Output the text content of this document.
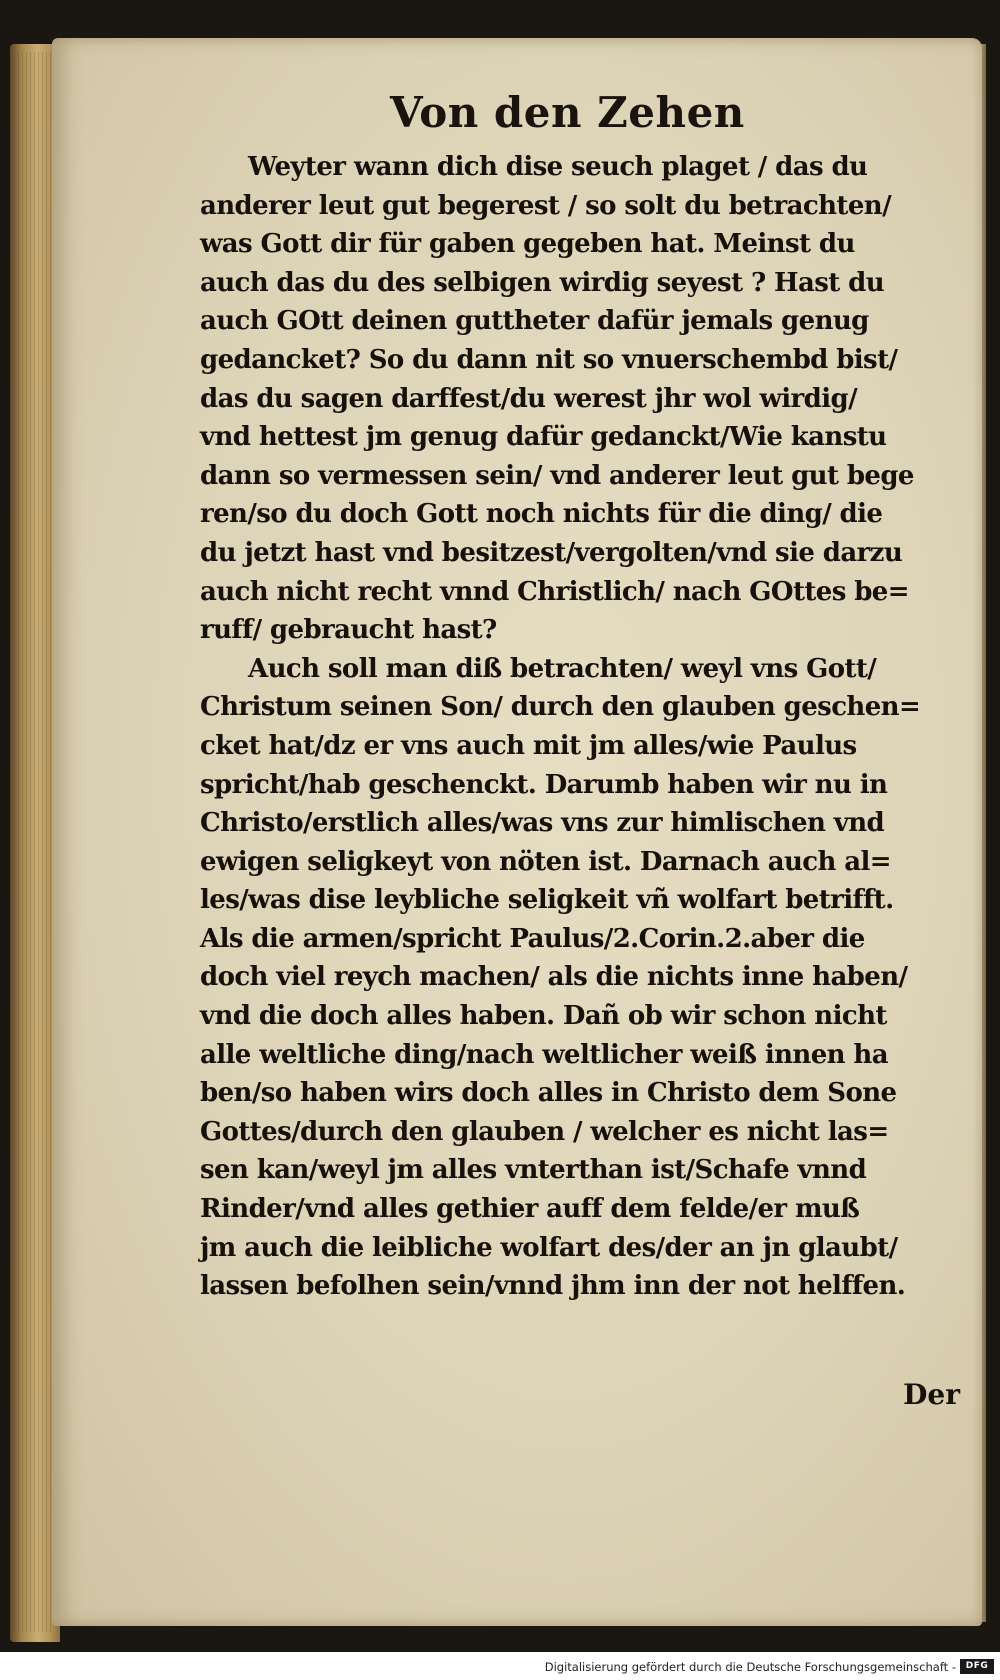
Von den Zehen
Weyter wann dich dise seuch plaget / das du
anderer leut gut begerest / so solt du betrachten/
was Gott dir für gaben gegeben hat. Meinst du
auch das du des selbigen wirdig seyest ? Hast du
auch GOtt deinen guttheter dafür jemals genug
gedancket? So du dann nit so vnuerschembd bist/
das du sagen darffest/du werest jhr wol wirdig/
vnd hettest jm genug dafür gedanckt/Wie kanstu
dann so vermessen sein/ vnd anderer leut gut bege
ren/so du doch Gott noch nichts für die ding/ die
du jetzt hast vnd besitzest/vergolten/vnd sie darzu
auch nicht recht vnnd Christlich/ nach GOttes be=
ruff/ gebraucht hast?
Auch soll man diß betrachten/ weyl vns Gott/
Christum seinen Son/ durch den glauben geschen=
cket hat/dz er vns auch mit jm alles/wie Paulus
spricht/hab geschenckt. Darumb haben wir nu in
Christo/erstlich alles/was vns zur himlischen vnd
ewigen seligkeyt von nöten ist. Darnach auch al=
les/was dise leybliche seligkeit vñ wolfart betrifft.
Als die armen/spricht Paulus/2.Corin.2.aber die
doch viel reych machen/ als die nichts inne haben/
vnd die doch alles haben. Dañ ob wir schon nicht
alle weltliche ding/nach weltlicher weiß innen ha
ben/so haben wirs doch alles in Christo dem Sone
Gottes/durch den glauben / welcher es nicht las=
sen kan/weyl jm alles vnterthan ist/Schafe vnnd
Rinder/vnd alles gethier auff dem felde/er muß
jm auch die leibliche wolfart des/der an jn glaubt/
lassen befolhen sein/vnnd jhm inn der not helffen.
Der
Digitalisierung gefördert durch die Deutsche Forschungsgemeinschaft -	DFG
